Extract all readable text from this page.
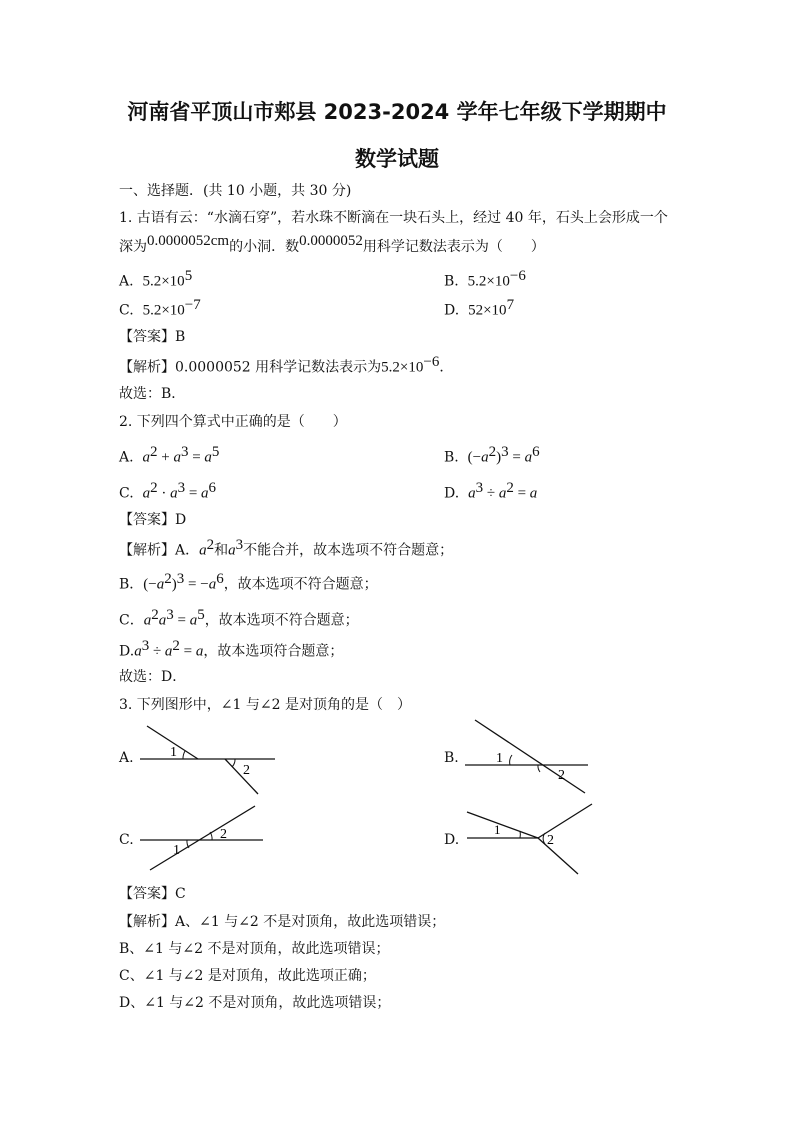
河南省平顶山市郏县 2023-2024 学年七年级下学期期中
数学试题
一、选择题．(共 10 小题，共 30 分)
1. 古语有云：“水滴石穿”，若水珠不断滴在一块石头上，经过 40 年，石头上会形成一个
深为0.0000052cm的小洞．数0.0000052用科学记数法表示为（　　）
A. $5.2\times 10^5$	B. $5.2\times 10^{-6}$
C. $5.2\times 10^{-7}$	D. $52\times 10^7$
【答案】B
【解析】0.0000052 用科学记数法表示为$5.2\times 10^{-6}$．
故选：B．
2. 下列四个算式中正确的是（　　）
A. $a^2 + a^3 = a^5$	B. $(-a^2)^3 = a^6$
C. $a^2 \cdot a^3 = a^6$	D. $a^3 \div a^2 = a$
【答案】D
【解析】A．$a^2$和$a^3$不能合并，故本选项不符合题意；
B．$(-a^2)^3 = -a^6$，故本选项不符合题意；
C．$a^2a^3 = a^5$，故本选项不符合题意；
$D.a^3 \div a^2 = a$，故本选项符合题意；
故选：D．
3. 下列图形中，∠1 与∠2 是对顶角的是（　）
A.	1
2
B.	1
2
C.	2
1
D.
1
2
【答案】C
【解析】A、∠1 与∠2 不是对顶角，故此选项错误；
B、∠1 与∠2 不是对顶角，故此选项错误；
C、∠1 与∠2 是对顶角，故此选项正确；
D、∠1 与∠2 不是对顶角，故此选项错误；
